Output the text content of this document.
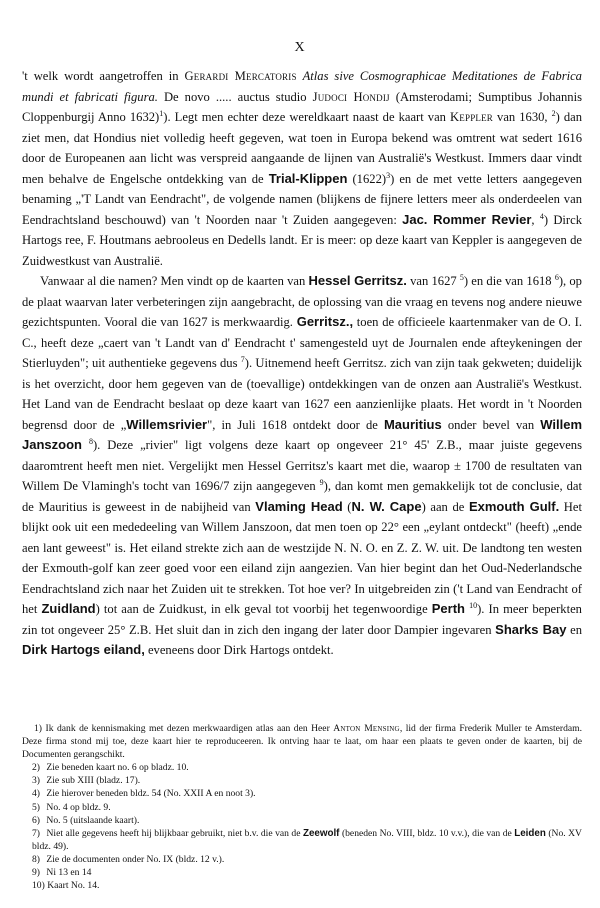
X

't welk wordt aangetroffen in Gerardi Mercatoris Atlas sive Cosmographicae Meditationes de Fabrica mundi et fabricati figura. De novo ..... auctus studio Judoci Hondij (Amsterodami; Sumptibus Johannis Cloppenburgij Anno 1632)$^1$). Legt men echter deze wereldkaart naast de kaart van Keppler van 1630, $^2$) dan ziet men, dat Hondius niet volledig heeft gegeven, wat toen in Europa bekend was omtrent wat sedert 1616 door de Europeanen aan licht was verspreid aangaande de lijnen van Australië's Westkust. Immers daar vindt men behalve de Engelsche ontdekking van de Trial-Klippen $(1622)^3$) en de met vette letters aangegeven benaming „'T Landt van Eendracht", de volgende namen (blijkens de fijnere letters meer als onderdeelen van Eendrachtsland beschouwd) van 't Noorden naar 't Zuiden aangegeven: Jac. Rommer Revier, $^4$) Dirck Hartogs ree, F. Houtmans aebrooleus en Dedells landt. Er is meer: op deze kaart van Keppler is aangegeven de Zuidwestkust van Australië.

Vanwaar al die namen? Men vindt op de kaarten van Hessel Gerritsz. van 1627 $^5$) en die van 1618 $^6$), op de plaat waarvan later verbeteringen zijn aangebracht, de oplossing van die vraag en tevens nog andere nieuwe gezichtspunten. Vooral die van 1627 is merkwaardig. Gerritsz., toen de officieele kaartenmaker van de O. I. C., heeft deze „caert van 't Landt van d' Eendracht t' samengesteld uyt de Journalen ende afteykeningen der Stierluyden"; uit authentieke gegevens dus $^7$). Uitnemend heeft Gerritsz. zich van zijn taak gekweten; duidelijk is het overzicht, door hem gegeven van de (toevallige) ontdekkingen van de onzen aan Australië's Westkust. Het Land van de Eendracht beslaat op deze kaart van 1627 een aanzienlijke plaats. Het wordt in 't Noorden begrensd door de „Willemsrivier", in Juli 1618 ontdekt door de Mauritius onder bevel van Willem Janszoon $^8$). Deze „rivier" ligt volgens deze kaart op ongeveer 21° 45' Z.B., maar juiste gegevens daaromtrent heeft men niet. Vergelijkt men Hessel Gerritsz's kaart met die, waarop ± 1700 de resultaten van Willem De Vlamingh's tocht van 1696/7 zijn aangegeven $^9$), dan komt men gemakkelijk tot de conclusie, dat de Mauritius is geweest in de nabijheid van Vlaming Head (N. W. Cape) aan de Exmouth Gulf. Het blijkt ook uit een mededeeling van Willem Janszoon, dat men toen op 22° een „eylant ontdeckt" (heeft) „ende aen lant geweest" is. Het eiland strekte zich aan de westzijde N. N. O. en Z. Z. W. uit. De landtong ten westen der Exmouth-golf kan zeer goed voor een eiland zijn aangezien. Van hier begint dan het Oud-Nederlandsche Eendrachtsland zich naar het Zuiden uit te strekken. Tot hoe ver? In uitgebreiden zin ('t Land van Eendracht of het Zuidland) tot aan de Zuidkust, in elk geval tot voorbij het tegenwoordige Perth $^{10}$). In meer beperkten zin tot ongeveer 25° Z.B. Het sluit dan in zich den ingang der later door Dampier ingevaren Sharks Bay en Dirk Hartogs eiland, eveneens door Dirk Hartogs ontdekt.

1) Ik dank de kennismaking met dezen merkwaardigen atlas aan den Heer Anton Mensing, lid der firma Frederik Muller te Amsterdam. Deze firma stond mij toe, deze kaart hier te reproduceeren. Ik ontving haar te laat, om haar een plaats te geven onder de kaarten, bij de Documenten gerangschikt.

2) Zie beneden kaart no. 6 op bladz. 10.

3) Zie sub XIII (bladz. 17).

4) Zie hierover beneden bldz. 54 (No. XXII A en noot 3).

5) No. 4 op bldz. 9.

6) No. 5 (uitslaande kaart).

7) Niet alle gegevens heeft hij blijkbaar gebruikt, niet b.v. die van de Zeewolf (beneden No. VIII, bldz. 10 v.v.), die van de Leiden (No. XV bldz. 49).

8) Zie de documenten onder No. IX (bldz. 12 v.).

9) Ni 13 en 14

10) Kaart No. 14.
